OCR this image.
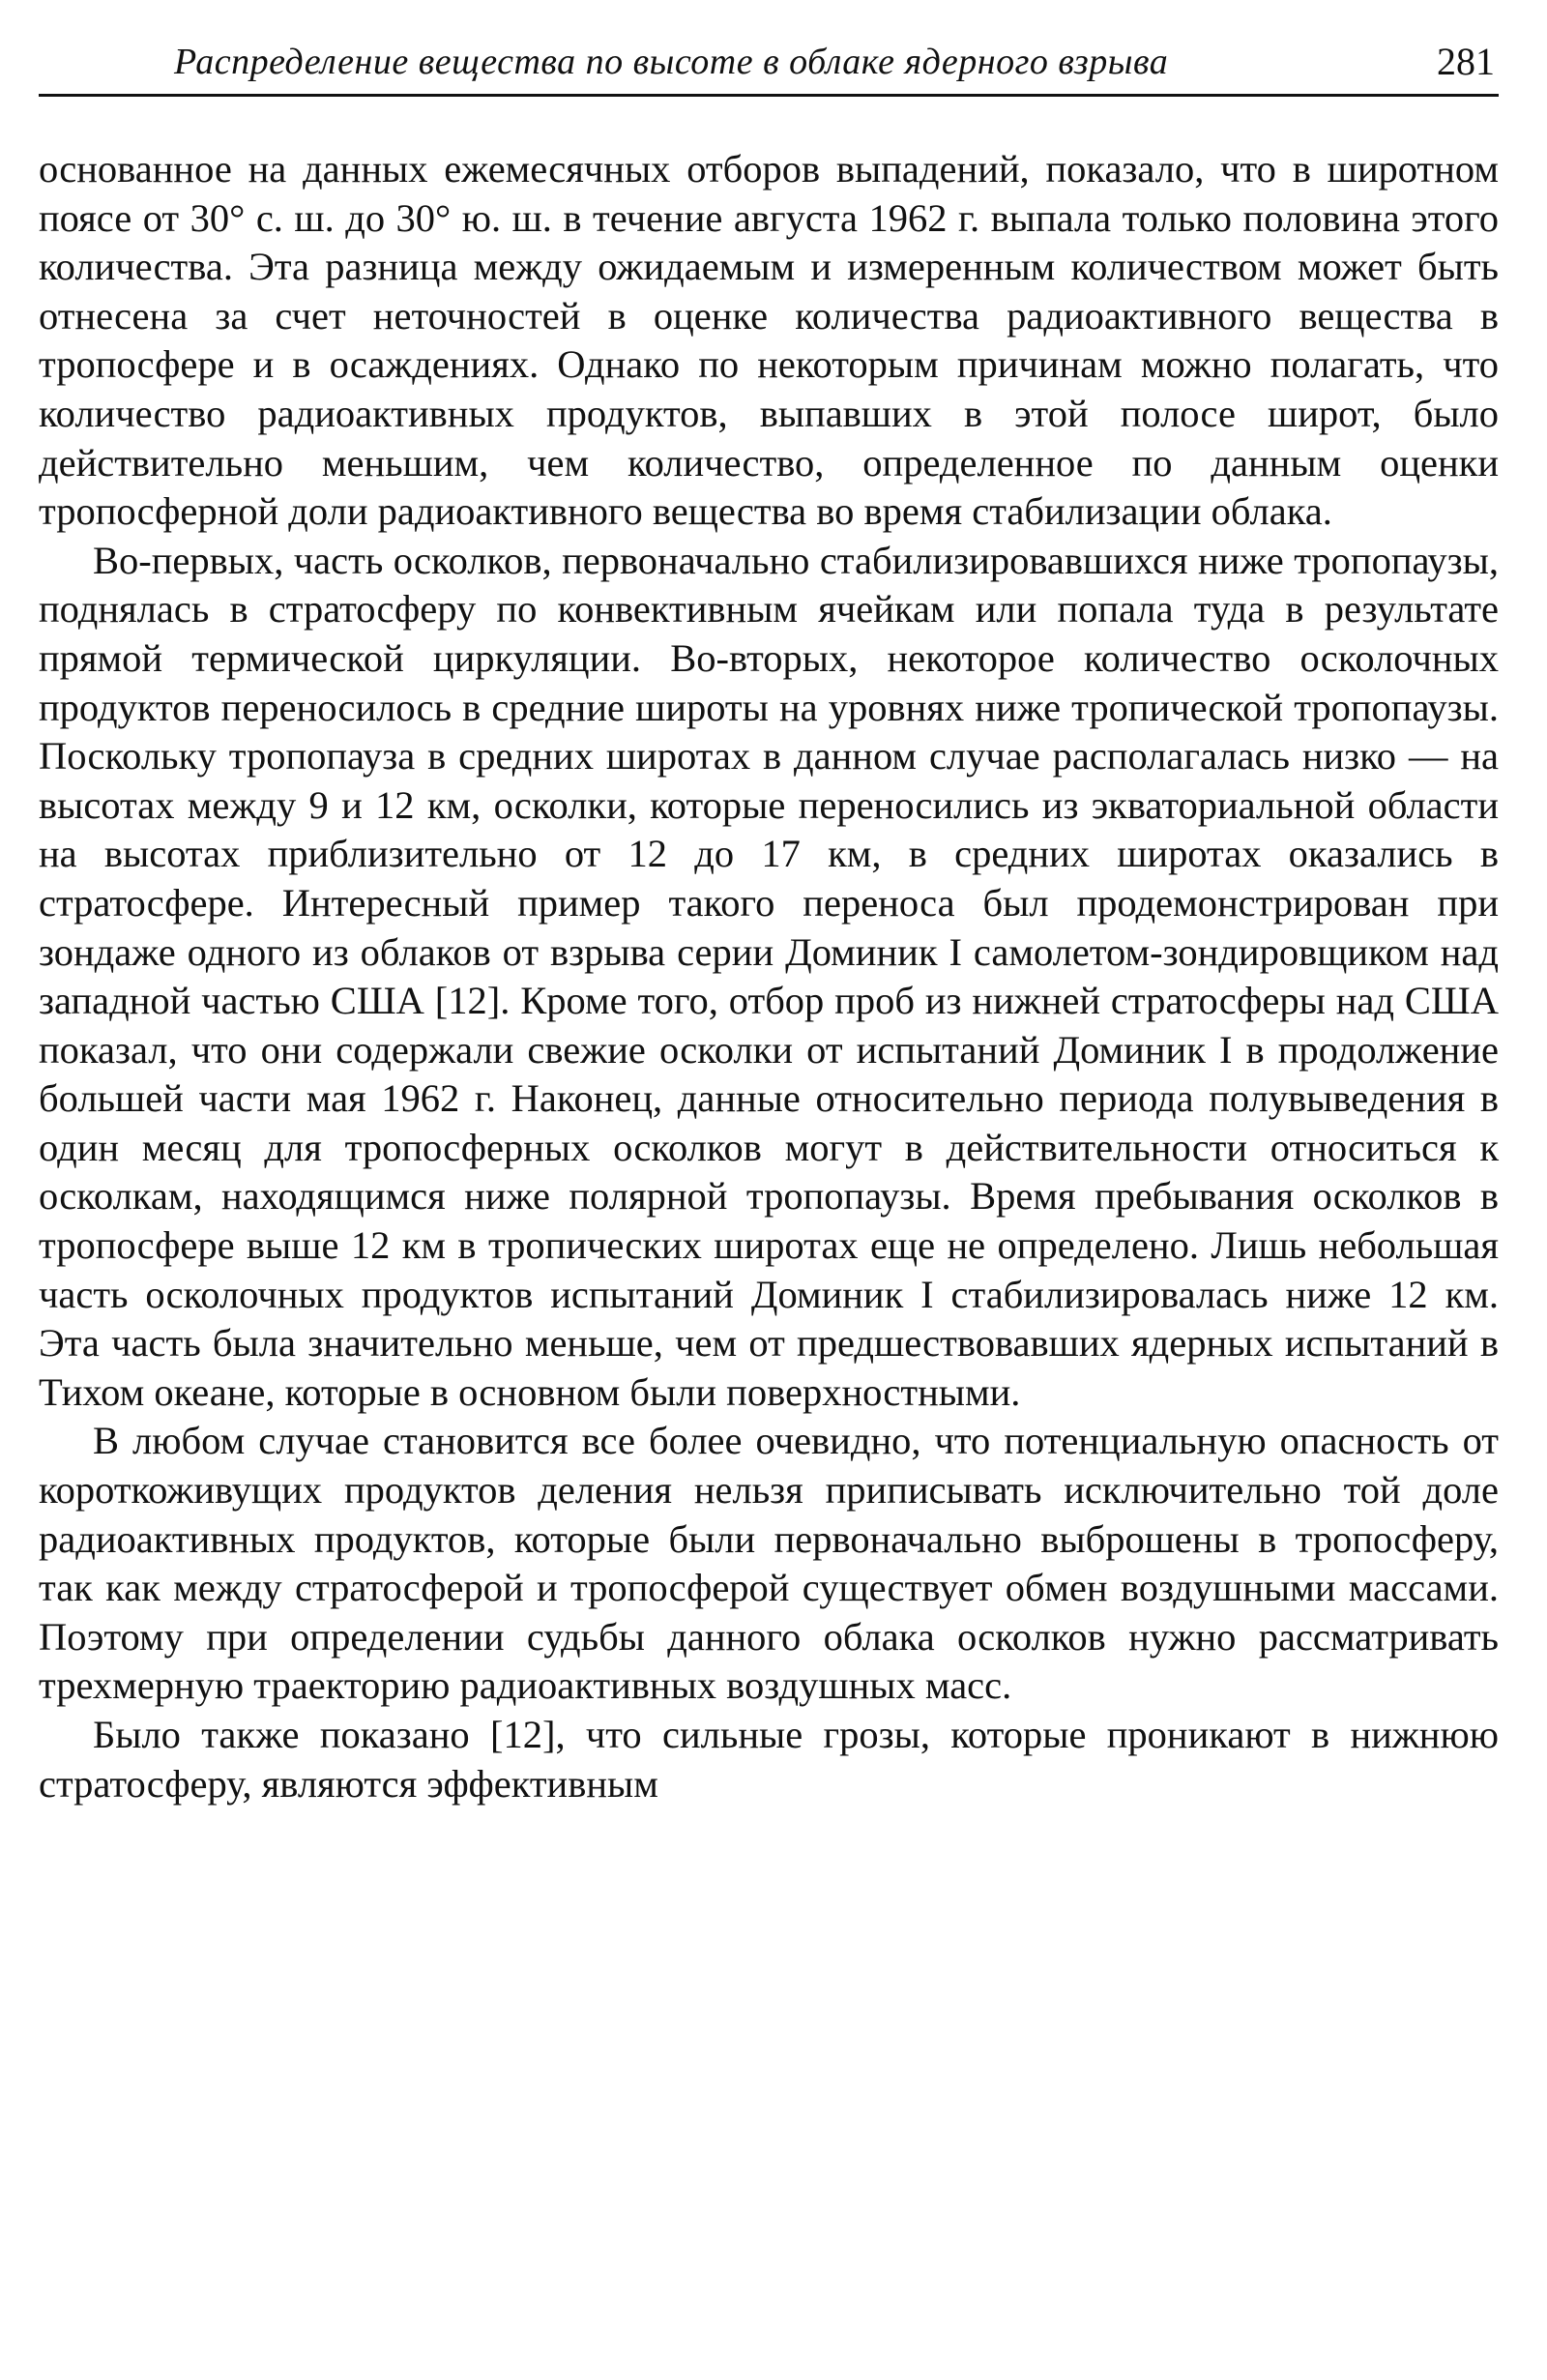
Распределение вещества по высоте в облаке ядерного взрыва	281

основанное на данных ежемесячных отборов выпадений, показало, что в широтном поясе от 30° с. ш. до 30° ю. ш. в течение августа 1962 г. выпала только половина этого количества. Эта разница между ожидаемым и измеренным количеством может быть отнесена за счет неточностей в оценке количества радиоактивного вещества в тропосфере и в осаждениях. Однако по некоторым причинам можно полагать, что количество радиоактивных продуктов, выпавших в этой полосе широт, было действительно меньшим, чем количество, определенное по данным оценки тропосферной доли радиоактивного вещества во время стабилизации облака.

Во-первых, часть осколков, первоначально стабилизировавшихся ниже тропопаузы, поднялась в стратосферу по конвективным ячейкам или попала туда в результате прямой термической циркуляции. Во-вторых, некоторое количество осколочных продуктов переносилось в средние широты на уровнях ниже тропической тропопаузы. Поскольку тропопауза в средних широтах в данном случае располагалась низко — на высотах между 9 и 12 км, осколки, которые переносились из экваториальной области на высотах приблизительно от 12 до 17 км, в средних широтах оказались в стратосфере. Интересный пример такого переноса был продемонстрирован при зондаже одного из облаков от взрыва серии Доминик I самолетом-зондировщиком над западной частью США [12]. Кроме того, отбор проб из нижней стратосферы над США показал, что они содержали свежие осколки от испытаний Доминик I в продолжение большей части мая 1962 г. Наконец, данные относительно периода полувыведения в один месяц для тропосферных осколков могут в действительности относиться к осколкам, находящимся ниже полярной тропопаузы. Время пребывания осколков в тропосфере выше 12 км в тропических широтах еще не определено. Лишь небольшая часть осколочных продуктов испытаний Доминик I стабилизировалась ниже 12 км. Эта часть была значительно меньше, чем от предшествовавших ядерных испытаний в Тихом океане, которые в основном были поверхностными.

В любом случае становится все более очевидно, что потенциальную опасность от короткоживущих продуктов деления нельзя приписывать исключительно той доле радиоактивных продуктов, которые были первоначально выброшены в тропосферу, так как между стратосферой и тропосферой существует обмен воздушными массами. Поэтому при определении судьбы данного облака осколков нужно рассматривать трехмерную траекторию радиоактивных воздушных масс.

Было также показано [12], что сильные грозы, которые проникают в нижнюю стратосферу, являются эффективным
